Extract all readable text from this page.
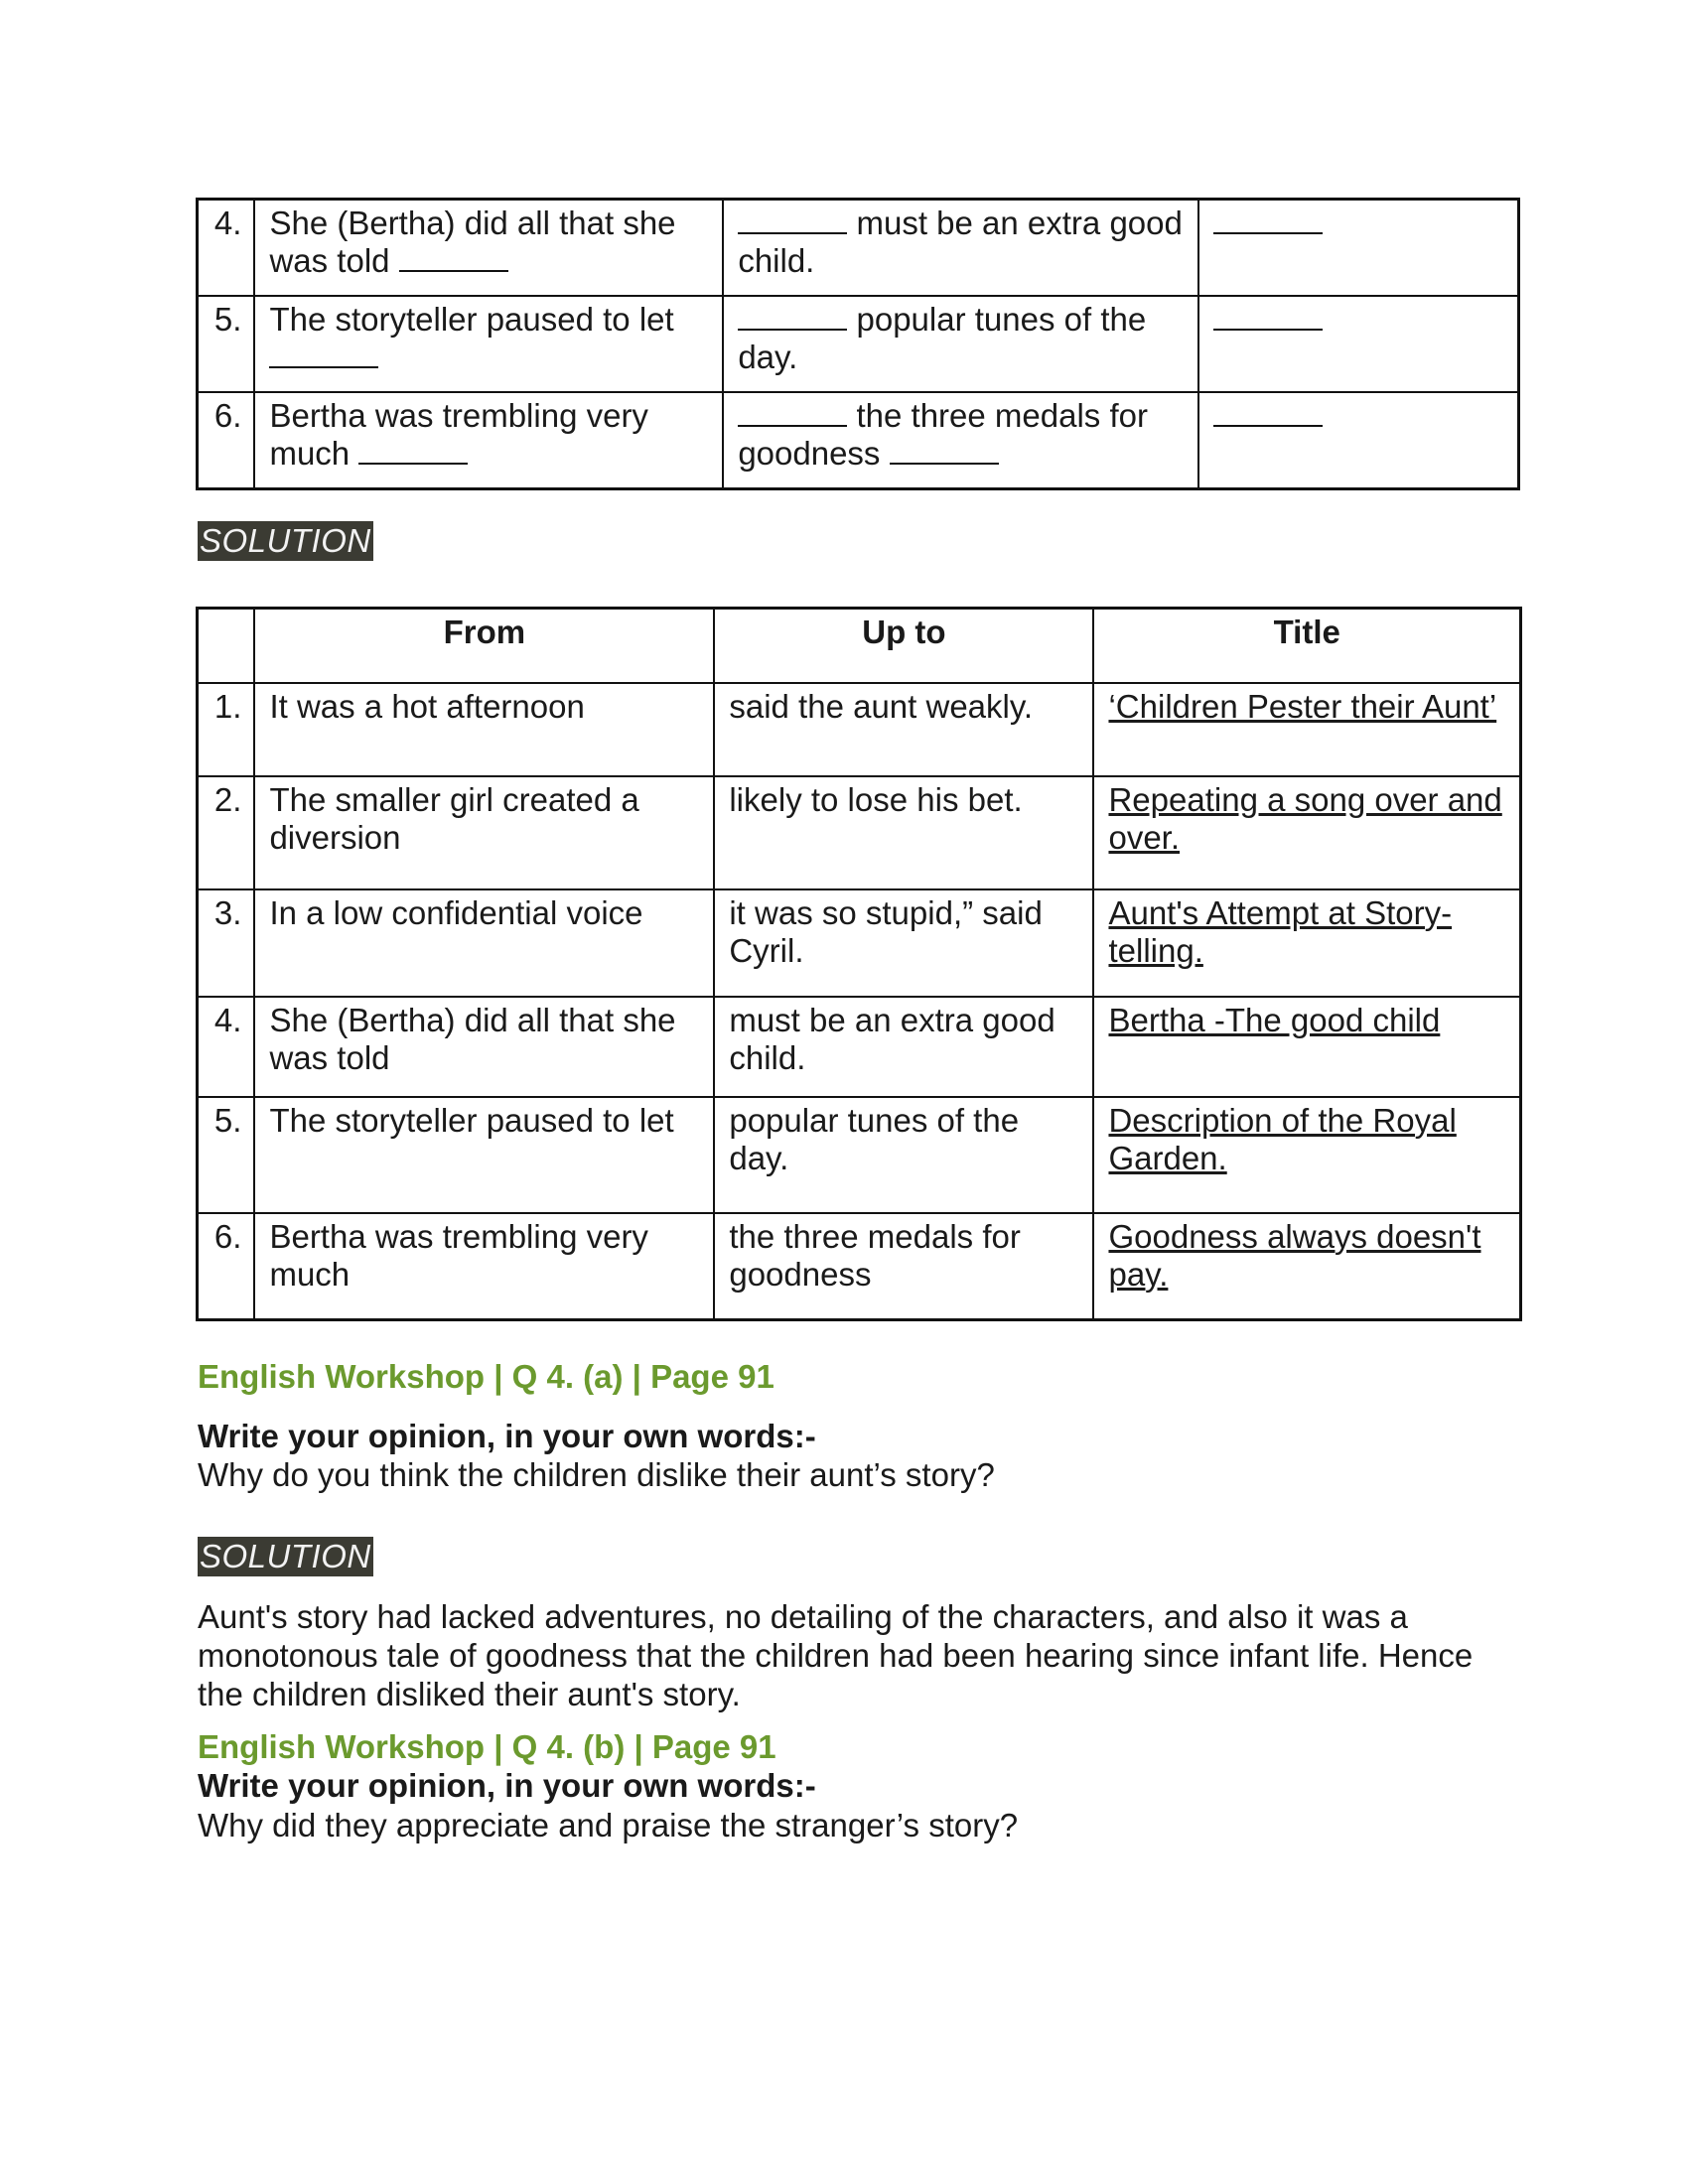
4.	She (Bertha) did all that she was told	must be an extra good child.	
5.	The storyteller paused to let	popular tunes of the day.	
6.	Bertha was trembling very much	the three medals for goodness	
SOLUTION
	From	Up to	Title
1.	It was a hot afternoon	said the aunt weakly.	‘Children Pester their Aunt’
2.	The smaller girl created a diversion	likely to lose his bet.	Repeating a song over and over.
3.	In a low confidential voice	it was so stupid,” said Cyril.	Aunt's Attempt at Story-telling.
4.	She (Bertha) did all that she was told	must be an extra good child.	Bertha -The good child
5.	The storyteller paused to let	popular tunes of the day.	Description of the Royal Garden.
6.	Bertha was trembling very much	the three medals for goodness	Goodness always doesn't pay.
English Workshop | Q 4. (a) | Page 91
Write your opinion, in your own words:-
Why do you think the children dislike their aunt’s story?
SOLUTION
Aunt's story had lacked adventures, no detailing of the characters, and also it was a monotonous tale of goodness that the children had been hearing since infant life. Hence the children disliked their aunt's story.
English Workshop | Q 4. (b) | Page 91
Write your opinion, in your own words:-
Why did they appreciate and praise the stranger’s story?
